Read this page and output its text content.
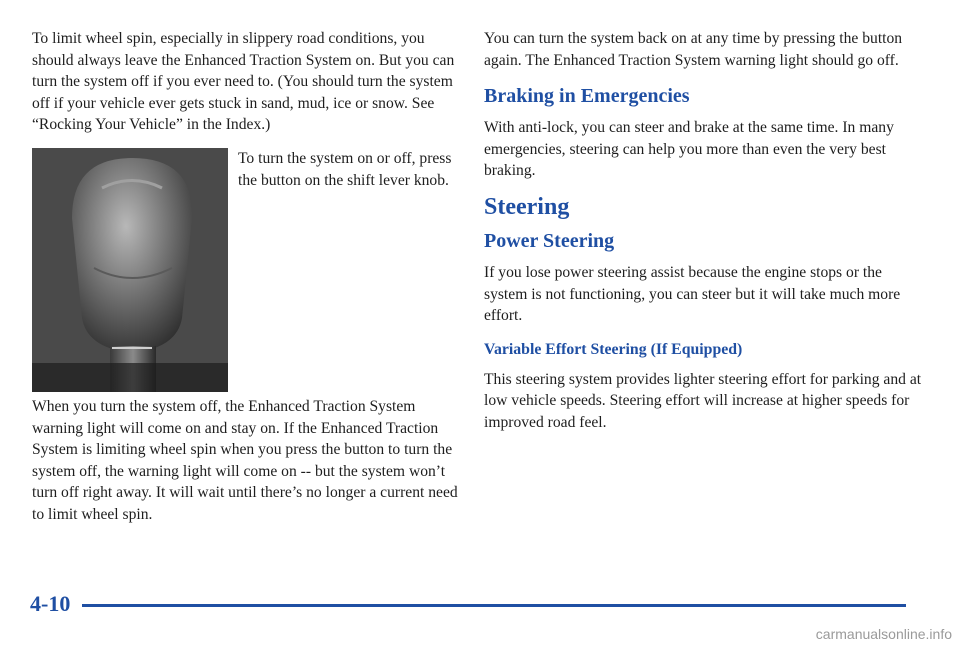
To limit wheel spin, especially in slippery road conditions, you should always leave the Enhanced Traction System on. But you can turn the system off if you ever need to. (You should turn the system off if your vehicle ever gets stuck in sand, mud, ice or snow. See “Rocking Your Vehicle” in the Index.)

To turn the system on or off, press the button on the shift lever knob.

When you turn the system off, the Enhanced Traction System warning light will come on and stay on. If the Enhanced Traction System is limiting wheel spin when you press the button to turn the system off, the warning light will come on -- but the system won’t turn off right away. It will wait until there’s no longer a current need to limit wheel spin.

You can turn the system back on at any time by pressing the button again. The Enhanced Traction System warning light should go off.

Braking in Emergencies

With anti-lock, you can steer and brake at the same time. In many emergencies, steering can help you more than even the very best braking.

Steering
Power Steering

If you lose power steering assist because the engine stops or the system is not functioning, you can steer but it will take much more effort.

Variable Effort Steering (If Equipped)

This steering system provides lighter steering effort for parking and at low vehicle speeds. Steering effort will increase at higher speeds for improved road feel.

4-10
carmanualsonline.info
